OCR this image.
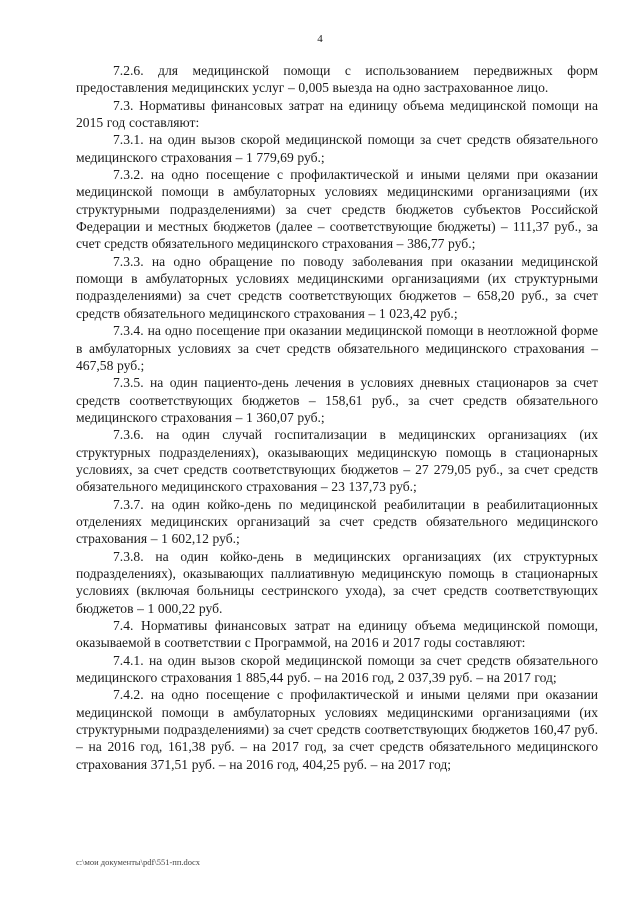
4

7.2.6. для медицинской помощи с использованием передвижных форм предоставления медицинских услуг – 0,005 выезда на одно застрахованное лицо.

7.3. Нормативы финансовых затрат на единицу объема медицинской помощи на 2015 год составляют:

7.3.1. на один вызов скорой медицинской помощи за счет средств обязательного медицинского страхования – 1 779,69 руб.;

7.3.2. на одно посещение с профилактической и иными целями при оказании медицинской помощи в амбулаторных условиях медицинскими организациями (их структурными подразделениями) за счет средств бюджетов субъектов Российской Федерации и местных бюджетов (далее – соответствующие бюджеты) – 111,37 руб., за счет средств обязательного медицинского страхования – 386,77 руб.;

7.3.3. на одно обращение по поводу заболевания при оказании медицинской помощи в амбулаторных условиях медицинскими организациями (их структурными подразделениями) за счет средств соответствующих бюджетов – 658,20 руб., за счет средств обязательного медицинского страхования – 1 023,42 руб.;

7.3.4. на одно посещение при оказании медицинской помощи в неотложной форме в амбулаторных условиях за счет средств обязательного медицинского страхования – 467,58 руб.;

7.3.5. на один пациенто-день лечения в условиях дневных стационаров за счет средств соответствующих бюджетов – 158,61 руб., за счет средств обязательного медицинского страхования – 1 360,07 руб.;

7.3.6. на один случай госпитализации в медицинских организациях (их структурных подразделениях), оказывающих медицинскую помощь в стационарных условиях, за счет средств соответствующих бюджетов – 27 279,05 руб., за счет средств обязательного медицинского страхования – 23 137,73 руб.;

7.3.7. на один койко-день по медицинской реабилитации в реабилитационных отделениях медицинских организаций за счет средств обязательного медицинского страхования – 1 602,12 руб.;

7.3.8. на один койко-день в медицинских организациях (их структурных подразделениях), оказывающих паллиативную медицинскую помощь в стационарных условиях (включая больницы сестринского ухода), за счет средств соответствующих бюджетов – 1 000,22 руб.

7.4. Нормативы финансовых затрат на единицу объема медицинской помощи, оказываемой в соответствии с Программой, на 2016 и 2017 годы составляют:

7.4.1. на один вызов скорой медицинской помощи за счет средств обязательного медицинского страхования 1 885,44 руб. – на 2016 год, 2 037,39 руб. – на 2017 год;

7.4.2. на одно посещение с профилактической и иными целями при оказании медицинской помощи в амбулаторных условиях медицинскими организациями (их структурными подразделениями) за счет средств соответствующих бюджетов 160,47 руб. – на 2016 год, 161,38 руб. – на 2017 год, за счет средств обязательного медицинского страхования 371,51 руб. – на 2016 год, 404,25 руб. – на 2017 год;

c:\мои документы\pdf\551-пп.docx
